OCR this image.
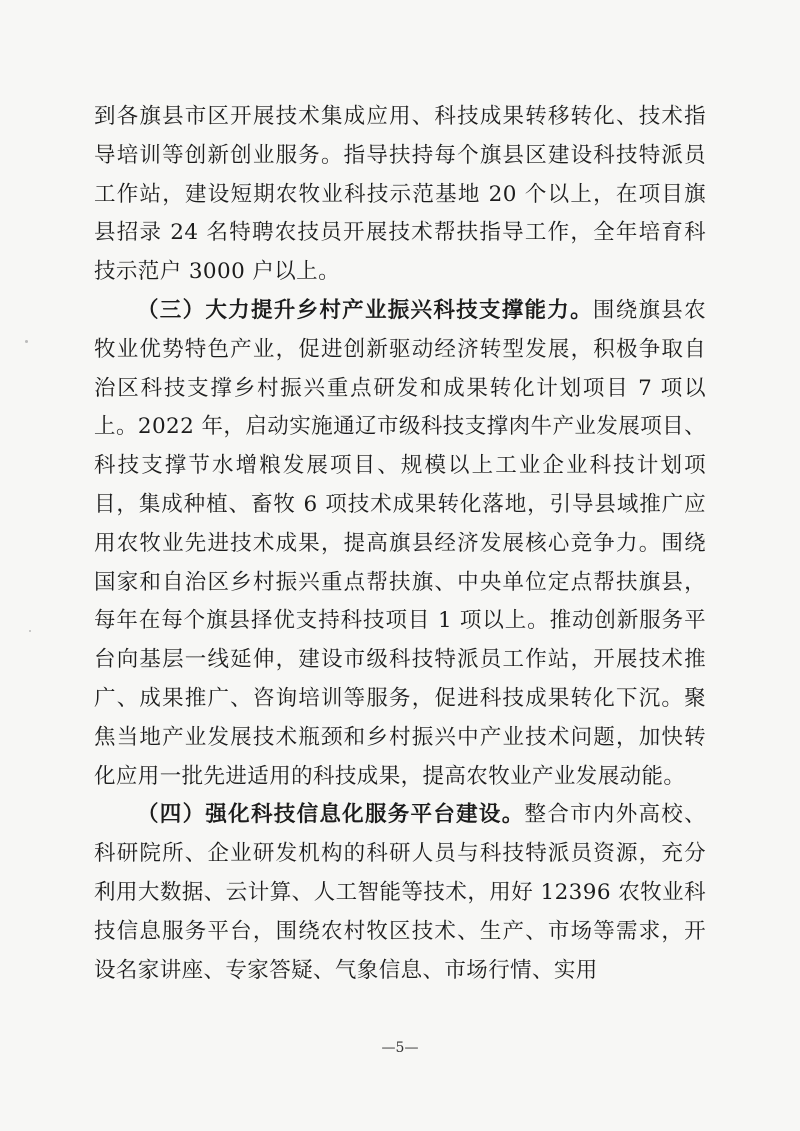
到各旗县市区开展技术集成应用、科技成果转移转化、技术指导培训等创新创业服务。指导扶持每个旗县区建设科技特派员工作站，建设短期农牧业科技示范基地 20 个以上，在项目旗县招录 24 名特聘农技员开展技术帮扶指导工作，全年培育科技示范户 3000 户以上。

（三）大力提升乡村产业振兴科技支撑能力。围绕旗县农牧业优势特色产业，促进创新驱动经济转型发展，积极争取自治区科技支撑乡村振兴重点研发和成果转化计划项目 7 项以上。2022 年，启动实施通辽市级科技支撑肉牛产业发展项目、科技支撑节水增粮发展项目、规模以上工业企业科技计划项目，集成种植、畜牧 6 项技术成果转化落地，引导县域推广应用农牧业先进技术成果，提高旗县经济发展核心竞争力。围绕国家和自治区乡村振兴重点帮扶旗、中央单位定点帮扶旗县，每年在每个旗县择优支持科技项目 1 项以上。推动创新服务平台向基层一线延伸，建设市级科技特派员工作站，开展技术推广、成果推广、咨询培训等服务，促进科技成果转化下沉。聚焦当地产业发展技术瓶颈和乡村振兴中产业技术问题，加快转化应用一批先进适用的科技成果，提高农牧业产业发展动能。

（四）强化科技信息化服务平台建设。整合市内外高校、科研院所、企业研发机构的科研人员与科技特派员资源，充分利用大数据、云计算、人工智能等技术，用好 12396 农牧业科技信息服务平台，围绕农村牧区技术、生产、市场等需求，开设名家讲座、专家答疑、气象信息、市场行情、实用

—5—
